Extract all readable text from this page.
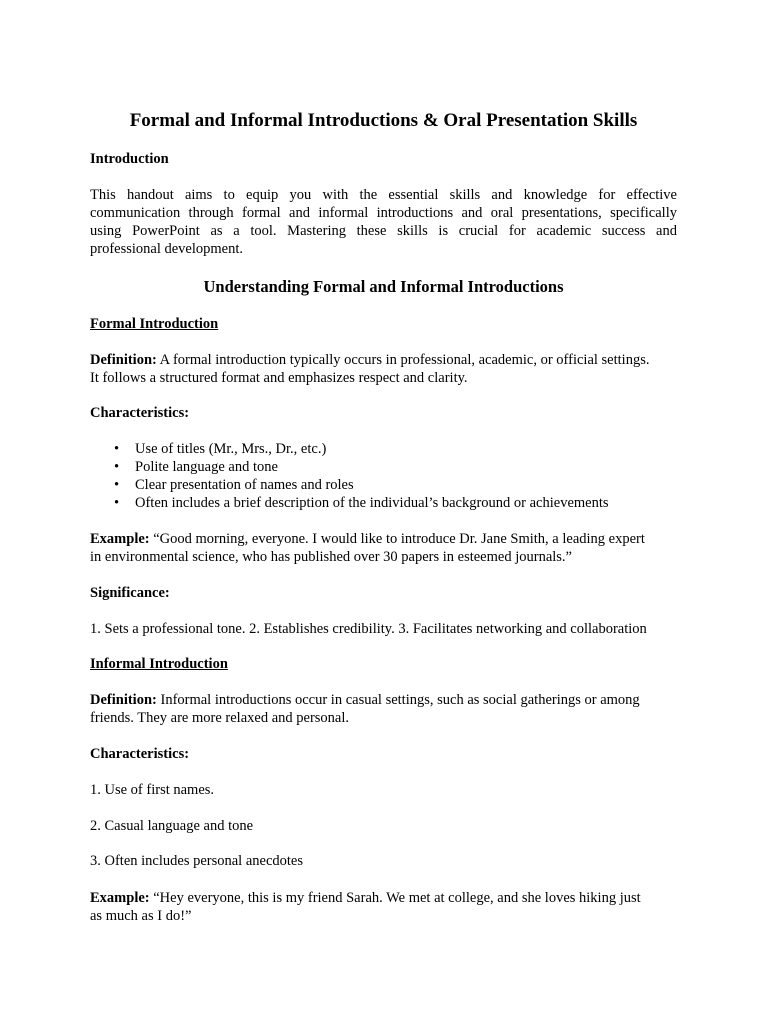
Formal and Informal Introductions & Oral Presentation Skills
Introduction
This handout aims to equip you with the essential skills and knowledge for effective
communication through formal and informal introductions and oral presentations, specifically
using PowerPoint as a tool. Mastering these skills is crucial for academic success and
professional development.
Understanding Formal and Informal Introductions
Formal Introduction
Definition: A formal introduction typically occurs in professional, academic, or official settings.
It follows a structured format and emphasizes respect and clarity.
Characteristics:
• Use of titles (Mr., Mrs., Dr., etc.)
• Polite language and tone
• Clear presentation of names and roles
• Often includes a brief description of the individual’s background or achievements
Example: “Good morning, everyone. I would like to introduce Dr. Jane Smith, a leading expert
in environmental science, who has published over 30 papers in esteemed journals.”
Significance:
1. Sets a professional tone. 2. Establishes credibility. 3. Facilitates networking and collaboration
Informal Introduction
Definition: Informal introductions occur in casual settings, such as social gatherings or among
friends. They are more relaxed and personal.
Characteristics:
1. Use of first names.
2. Casual language and tone
3. Often includes personal anecdotes
Example: “Hey everyone, this is my friend Sarah. We met at college, and she loves hiking just
as much as I do!”
